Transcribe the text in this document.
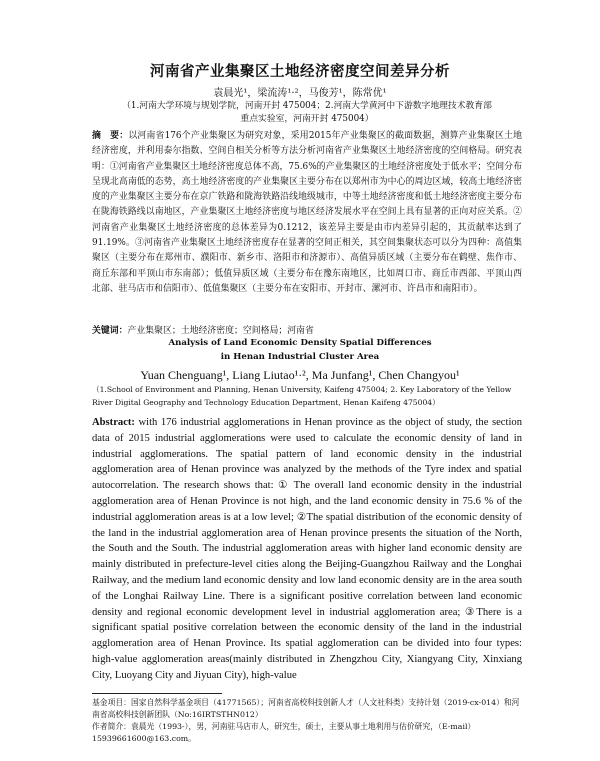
河南省产业集聚区土地经济密度空间差异分析
袁晨光¹，梁流涛¹·²，马俊芳¹，陈常优¹
（1.河南大学环境与规划学院，河南开封 475004；2.河南大学黄河中下游数字地理技术教育部重点实验室，河南开封 475004）
摘　要：以河南省176个产业集聚区为研究对象，采用2015年产业集聚区的截面数据，测算产业集聚区土地经济密度，并利用泰尔指数、空间自相关分析等方法分析河南省产业集聚区土地经济密度的空间格局。研究表明：①河南省产业集聚区土地经济密度总体不高，75.6%的产业集聚区的土地经济密度处于低水平；空间分布呈现北高南低的态势，高土地经济密度的产业集聚区主要分布在以郑州市为中心的周边区域，较高土地经济密度的产业集聚区主要分布在京广铁路和陇海铁路沿线地级城市，中等土地经济密度和低土地经济密度主要分布在陇海铁路线以南地区，产业集聚区土地经济密度与地区经济发展水平在空间上具有显著的正向对应关系。②河南省产业集聚区土地经济密度的总体差异为0.1212，该差异主要是由市内差异引起的，其贡献率达到了91.19%。③河南省产业集聚区土地经济密度存在显著的空间正相关，其空间集聚状态可以分为四种：高值集聚区（主要分布在郑州市、濮阳市、新乡市、洛阳市和济源市）、高值异质区域（主要分布在鹤壁、焦作市、商丘东部和平顶山市东南部）；低值异质区域（主要分布在豫东南地区，比如周口市、商丘市西部、平顶山西北部、驻马店市和信阳市）、低值集聚区（主要分布在安阳市、开封市、漯河市、许昌市和南阳市）。
关键词：产业集聚区；土地经济密度；空间格局；河南省
Analysis of Land Economic Density Spatial Differences
in Henan Industrial Cluster Area
Yuan Chenguang¹, Liang Liutao¹·², Ma Junfang¹, Chen Changyou¹
（1.School of Environment and Planning, Henan University, Kaifeng 475004; 2. Key Laboratory of the Yellow River Digital Geography and Technology Education Department, Henan Kaifeng 475004）
Abstract: with 176 industrial agglomerations in Henan province as the object of study, the section data of 2015 industrial agglomerations were used to calculate the economic density of land in industrial agglomerations. The spatial pattern of land economic density in the industrial agglomeration area of Henan province was analyzed by the methods of the Tyre index and spatial autocorrelation. The research shows that: ① The overall land economic density in the industrial agglomeration area of Henan Province is not high, and the land economic density in 75.6 % of the industrial agglomeration areas is at a low level; ②The spatial distribution of the economic density of the land in the industrial agglomeration area of Henan province presents the situation of the North, the South and the South. The industrial agglomeration areas with higher land economic density are mainly distributed in prefecture-level cities along the Beijing-Guangzhou Railway and the Longhai Railway, and the medium land economic density and low land economic density are in the area south of the Longhai Railway Line. There is a significant positive correlation between land economic density and regional economic development level in industrial agglomeration area; ③There is a significant spatial positive correlation between the economic density of the land in the industrial agglomeration area of Henan Province. Its spatial agglomeration can be divided into four types: high-value agglomeration areas(mainly distributed in Zhengzhou City, Xiangyang City, Xinxiang City, Luoyang City and Jiyuan City), high-value
基金项目：国家自然科学基金项目（41771565）；河南省高校科技创新人才（人文社科类）支持计划（2019-cx-014）和河南省高校科技创新团队（No:16IRTSTHN012）
作者简介：袁晨光（1993-），男，河南驻马店市人，研究生，硕士，主要从事土地利用与估价研究，（E-mail）15939661600@163.com。
